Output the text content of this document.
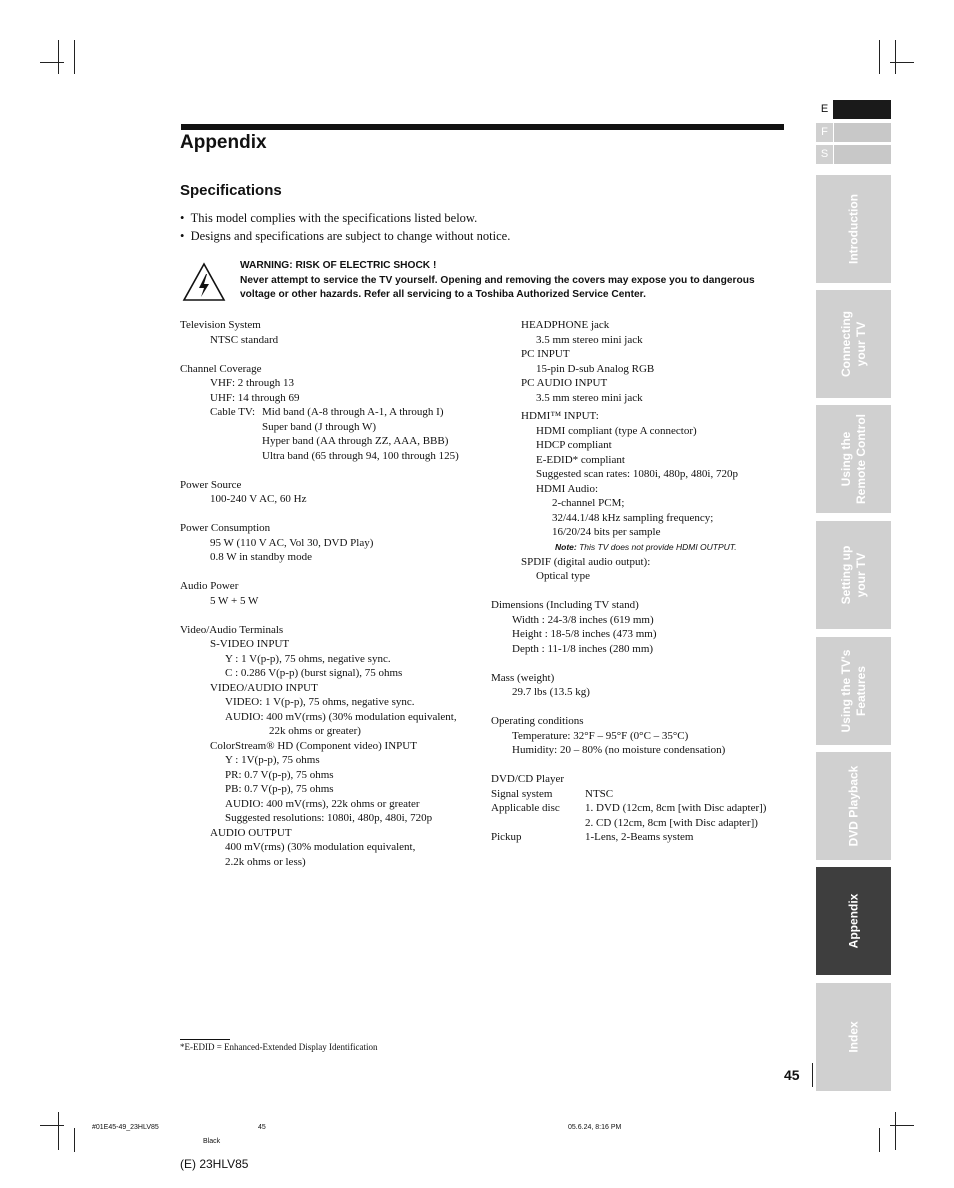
Appendix
Specifications
•  This model complies with the specifications listed below.
•  Designs and specifications are subject to change without notice.
WARNING: RISK OF ELECTRIC SHOCK !
Never attempt to service the TV yourself. Opening and removing the covers may expose you to dangerous voltage or other hazards. Refer all servicing to a Toshiba Authorized Service Center.
Television System
NTSC standard
Channel Coverage
VHF: 2 through 13
UHF: 14 through 69
Cable TV: Mid band (A-8 through A-1, A through I)
Super band (J through W)
Hyper band (AA through ZZ, AAA, BBB)
Ultra band (65 through 94, 100 through 125)
Power Source
100-240 V AC, 60 Hz
Power Consumption
95 W (110 V AC, Vol 30, DVD Play)
0.8 W in standby mode
Audio Power
5 W + 5 W
Video/Audio Terminals
S-VIDEO INPUT
Y : 1 V(p-p), 75 ohms, negative sync.
C : 0.286 V(p-p) (burst signal), 75 ohms
VIDEO/AUDIO INPUT
VIDEO: 1 V(p-p), 75 ohms, negative sync.
AUDIO: 400 mV(rms) (30% modulation equivalent,
22k ohms or greater)
ColorStream® HD (Component video) INPUT
Y : 1V(p-p), 75 ohms
PR: 0.7 V(p-p), 75 ohms
PB: 0.7 V(p-p), 75 ohms
AUDIO: 400 mV(rms), 22k ohms or greater
Suggested resolutions: 1080i, 480p, 480i, 720p
AUDIO OUTPUT
400 mV(rms) (30% modulation equivalent,
2.2k ohms or less)
HEADPHONE jack
3.5 mm stereo mini jack
PC INPUT
15-pin D-sub Analog RGB
PC AUDIO INPUT
3.5 mm stereo mini jack
HDMI™ INPUT:
HDMI compliant (type A connector)
HDCP compliant
E-EDID* compliant
Suggested scan rates: 1080i, 480p, 480i, 720p
HDMI Audio:
2-channel PCM;
32/44.1/48 kHz sampling frequency;
16/20/24 bits per sample
Note: This TV does not provide HDMI OUTPUT.
SPDIF (digital audio output):
Optical type
Dimensions (Including TV stand)
Width : 24-3/8 inches (619 mm)
Height : 18-5/8 inches (473 mm)
Depth : 11-1/8 inches (280 mm)
Mass (weight)
29.7 lbs (13.5 kg)
Operating conditions
Temperature: 32°F – 95°F (0°C – 35°C)
Humidity: 20 – 80% (no moisture condensation)
DVD/CD Player
Signal system	NTSC
Applicable disc 1. DVD (12cm, 8cm [with Disc adapter])
2. CD (12cm, 8cm [with Disc adapter])
Pickup	1-Lens, 2-Beams system
*E-EDID = Enhanced-Extended Display Identification
E
F
S
Introduction
Connecting
your TV
Using the
Remote Control
Setting up
your TV
Using the TV's
Features
DVD Playback
Appendix
Index
45
#01E45-49_23HLV85	45	05.6.24, 8:16 PM
Black
(E) 23HLV85
